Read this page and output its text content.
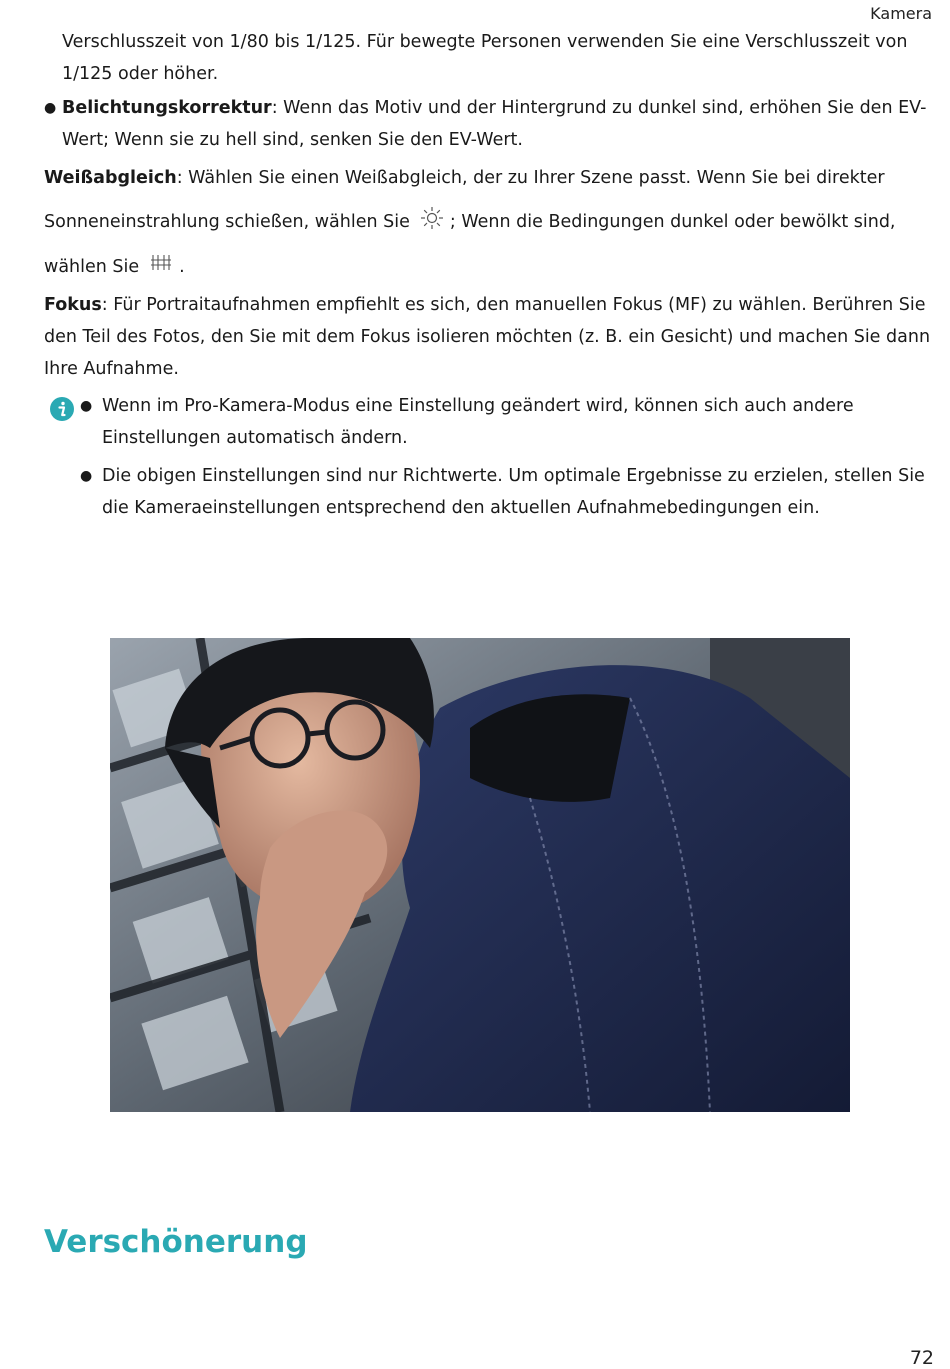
Kamera

Verschlusszeit von 1/80 bis 1/125. Für bewegte Personen verwenden Sie eine Verschlusszeit von

1/125 oder höher.

● Belichtungskorrektur: Wenn das Motiv und der Hintergrund zu dunkel sind, erhöhen Sie den EV-

Wert; Wenn sie zu hell sind, senken Sie den EV-Wert.

Weißabgleich: Wählen Sie einen Weißabgleich, der zu Ihrer Szene passt. Wenn Sie bei direkter

Sonneneinstrahlung schießen, wählen Sie ; Wenn die Bedingungen dunkel oder bewölkt sind,

wählen Sie .

Fokus: Für Portraitaufnahmen empfiehlt es sich, den manuellen Fokus (MF) zu wählen. Berühren Sie

den Teil des Fotos, den Sie mit dem Fokus isolieren möchten (z. B. ein Gesicht) und machen Sie dann

Ihre Aufnahme.

● Wenn im Pro-Kamera-Modus eine Einstellung geändert wird, können sich auch andere

Einstellungen automatisch ändern.

● Die obigen Einstellungen sind nur Richtwerte. Um optimale Ergebnisse zu erzielen, stellen Sie

die Kameraeinstellungen entsprechend den aktuellen Aufnahmebedingungen ein.

Verschönerung
72
